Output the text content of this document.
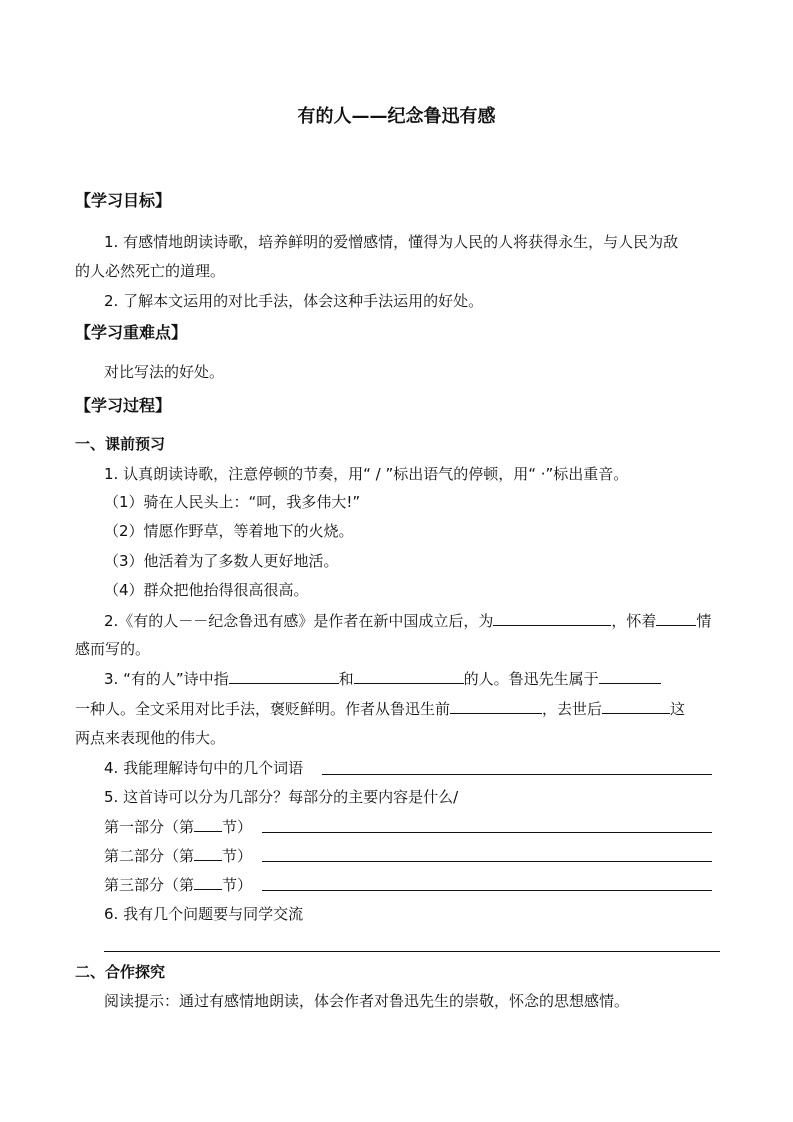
有的人——纪念鲁迅有感
【学习目标】
1. 有感情地朗读诗歌，培养鲜明的爱憎感情，懂得为人民的人将获得永生，与人民为敌
的人必然死亡的道理。
2. 了解本文运用的对比手法，体会这种手法运用的好处。
【学习重难点】
对比写法的好处。
【学习过程】
一、课前预习
1. 认真朗读诗歌，注意停顿的节奏，用“ / ”标出语气的停顿，用“ ·”标出重音。
（1）骑在人民头上：“呵，我多伟大!”
（2）情愿作野草，等着地下的火烧。
（3）他活着为了多数人更好地活。
（4）群众把他抬得很高很高。
2.《有的人－－纪念鲁迅有感》是作者在新中国成立后，为	，怀着	情
感而写的。
3. “有的人”诗中指	和	的人。鲁迅先生属于
一种人。全文采用对比手法，褒贬鲜明。作者从鲁迅生前	，去世后	这
两点来表现他的伟大。
4. 我能理解诗句中的几个词语
5. 这首诗可以分为几部分？每部分的主要内容是什么/
第一部分（第 节）
第二部分（第 节）
第三部分（第 节）
6. 我有几个问题要与同学交流
二、合作探究
阅读提示：通过有感情地朗读，体会作者对鲁迅先生的崇敬，怀念的思想感情。
